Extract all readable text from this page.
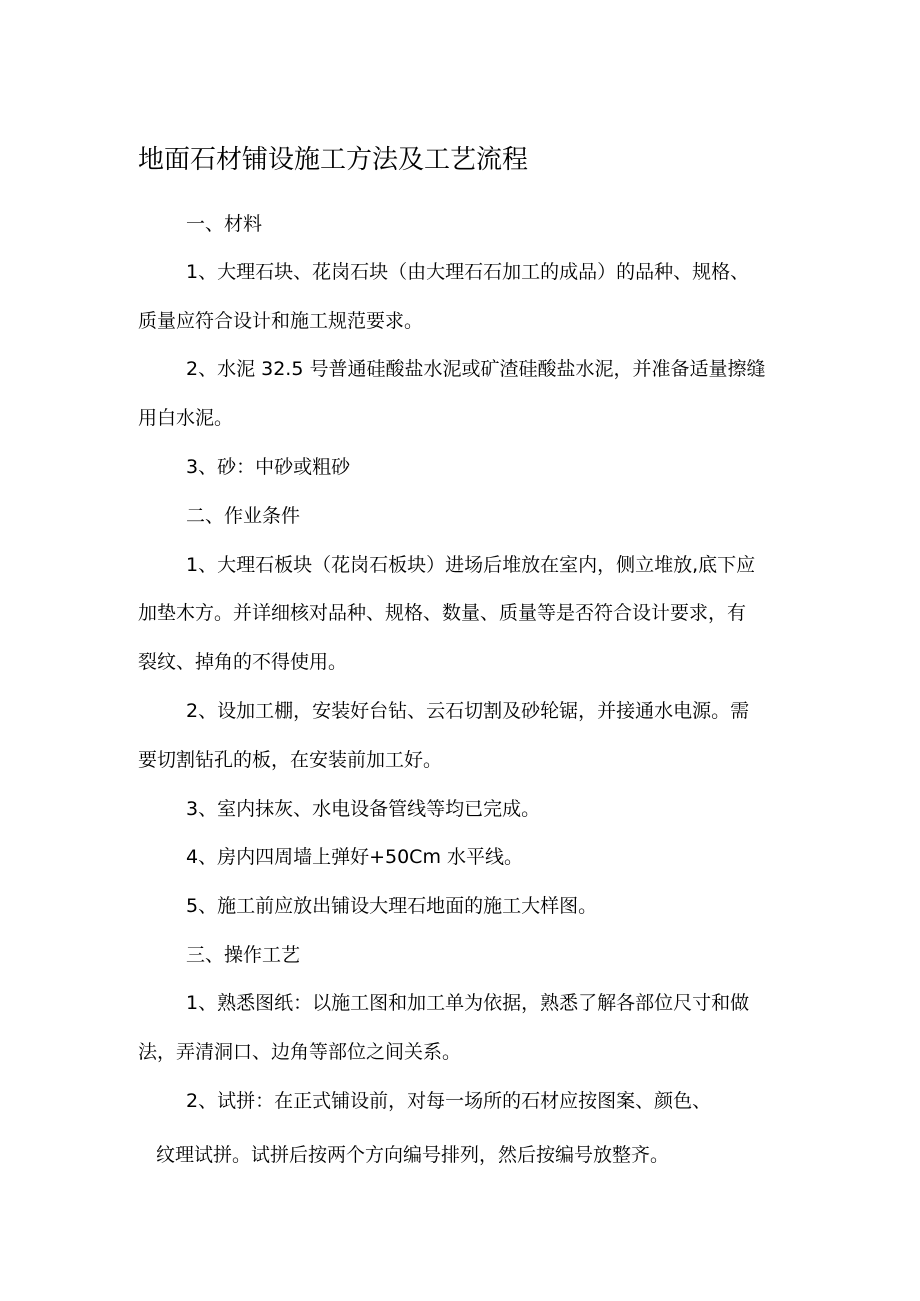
地面石材铺设施工方法及工艺流程

一、材料

1、大理石块、花岗石块（由大理石石加工的成品）的品种、规格、

质量应符合设计和施工规范要求。

2、水泥 32.5 号普通硅酸盐水泥或矿渣硅酸盐水泥，并准备适量擦缝

用白水泥。

3、砂：中砂或粗砂

二、作业条件

1、大理石板块（花岗石板块）进场后堆放在室内，侧立堆放,底下应

加垫木方。并详细核对品种、规格、数量、质量等是否符合设计要求，有

裂纹、掉角的不得使用。

2、设加工棚，安装好台钻、云石切割及砂轮锯，并接通水电源。需

要切割钻孔的板，在安装前加工好。

3、室内抹灰、水电设备管线等均已完成。

4、房内四周墙上弹好+50Cm 水平线。

5、施工前应放出铺设大理石地面的施工大样图。

三、操作工艺

1、熟悉图纸：以施工图和加工单为依据，熟悉了解各部位尺寸和做

法，弄清洞口、边角等部位之间关系。

2、试拼：在正式铺设前，对每一场所的石材应按图案、颜色、

纹理试拼。试拼后按两个方向编号排列，然后按编号放整齐。
